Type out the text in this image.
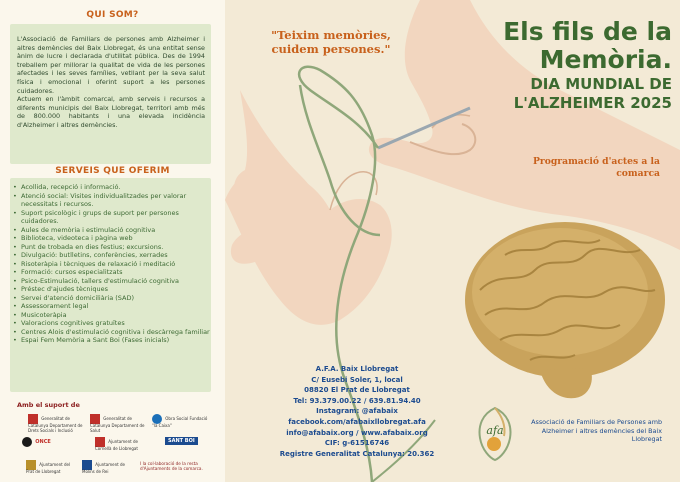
QUI SOM?
L'Associació de Familiars de persones amb Alzheimer i altres demències del Baix Llobregat, és una entitat sense ànim de lucre i declarada d'utilitat pública. Des de 1994 treballem per millorar la qualitat de vida de les persones afectades i les seves famílies, vetllant per la seva salut física i emocional i oferint suport a les persones cuidadores.
Actuem en l'àmbit comarcal, amb serveis i recursos a diferents municipis del Baix Llobregat, territori amb més de 800.000 habitants i una elevada incidència d'Alzheimer i altres demències.
SERVEIS QUE OFERIM
• Acollida, recepció i informació.
• Atenció social: Visites individualitzades per valorar necessitats i recursos.
• Suport psicològic i grups de suport per persones cuidadores.
• Aules de memòria i estimulació cognitiva
• Biblioteca, videoteca i pàgina web
• Punt de trobada en dies festius; excursions.
• Divulgació: butlletins, conferències, xerrades
• Risoteràpia i tècniques de relaxació i meditació
• Formació: cursos especialitzats
• Psico-Estimulació, tallers d'estimulació cognitiva
• Préstec d'ajudes tècniques
• Servei d'atenció domiciliària (SAD)
• Assessorament legal
• Musicoteràpia
• Valoracions cognitives gratuïtes
• Centres Alois d'estimulació cognitiva i descàrrega familiar
• Espai Fem Memòria a Sant Boi (Fases inicials)
Amb el suport de
Generalitat de Catalunya Departament de Drets Socials i Inclusió
Generalitat de Catalunya Departament de Salut
Obra Social Fundació "la Caixa"
ONCE	Ajuntament de Cornellà de Llobregat
SANT BOI
Ajuntament del Prat de Llobregat
Ajuntament de Molins de Rei
I la col·laboració de la resta d'Ajuntaments de la comarca.
"Teixim memòries, cuidem persones."
Els fils de la
Memòria.
DIA MUNDIAL DE
L'ALZHEIMER 2025
Programació d'actes a la comarca
A.F.A. Baix Llobregat
C/ Eusebi Soler, 1, local
08820 El Prat de Llobregat
Tel: 93.379.00.22 / 639.81.94.40
Instagram: @afabaix
facebook.com/afabaixllobregat.afa
info@afabaix.org / www.afabaix.org
CIF: g-61516746
Registre Generalitat Catalunya: 20.362
afa
Associació de Familiars de Persones amb Alzheimer i altres demències del Baix Llobregat
